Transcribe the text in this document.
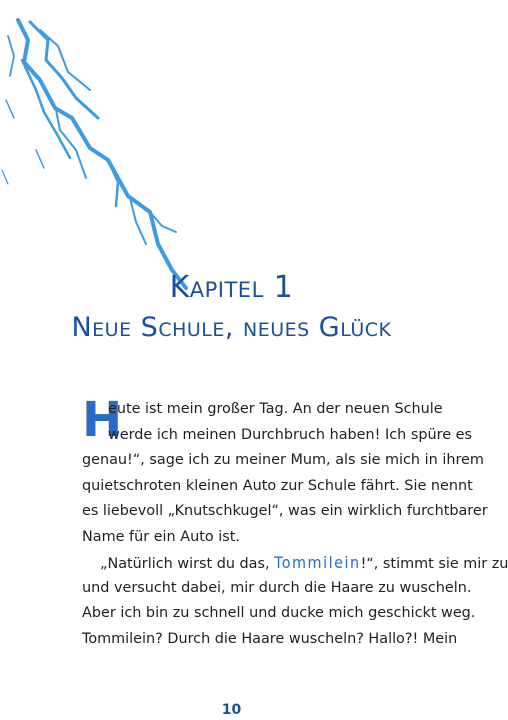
Kapitel 1
Neue Schule, neues Glück
H
eute ist mein großer Tag. An der neuen Schule
werde ich meinen Durchbruch haben! Ich spüre es
genau!“, sage ich zu meiner Mum, als sie mich in ihrem
quietschroten kleinen Auto zur Schule fährt. Sie nennt
es liebevoll „Knutschkugel“, was ein wirklich furchtbarer
Name für ein Auto ist.
„Natürlich wirst du das, Tommilein!“, stimmt sie mir zu
und versucht dabei, mir durch die Haare zu wuscheln.
Aber ich bin zu schnell und ducke mich geschickt weg.
Tommilein? Durch die Haare wuscheln? Hallo?! Mein
10
